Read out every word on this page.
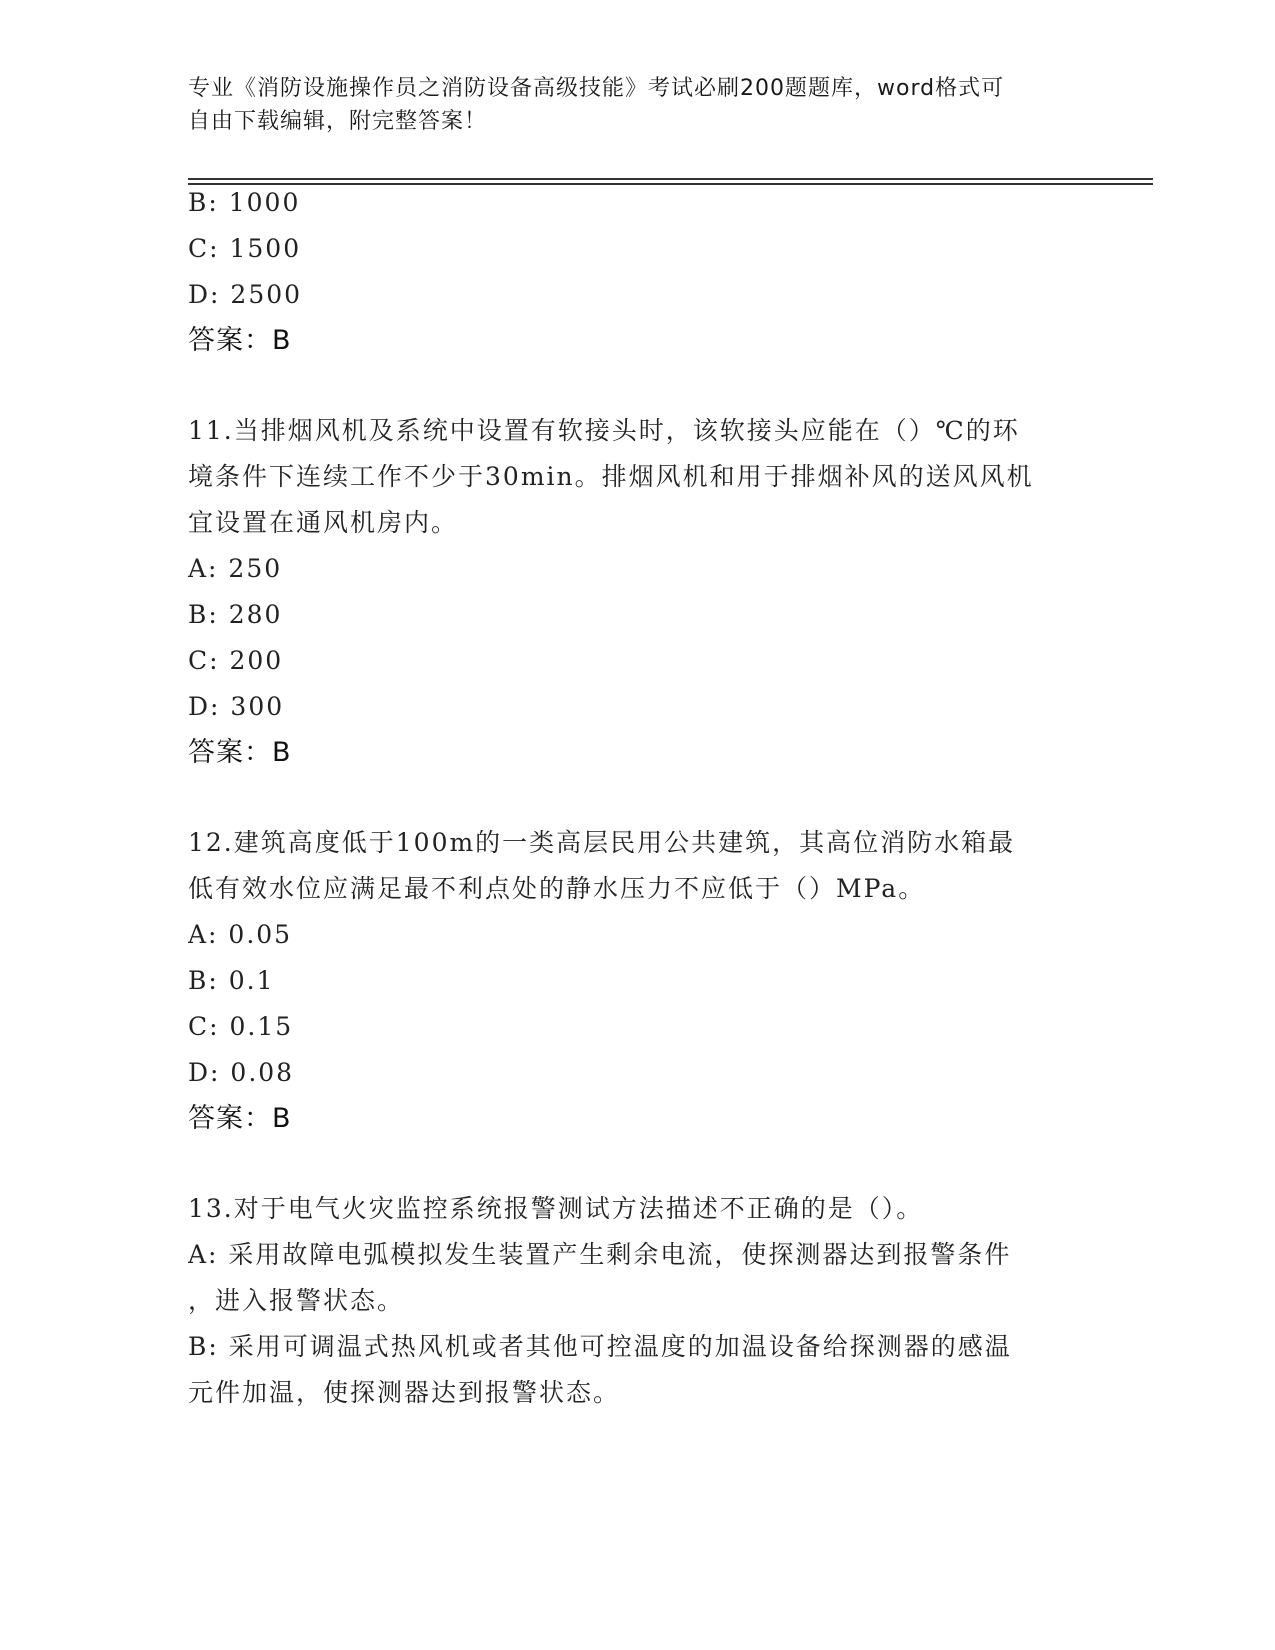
专业《消防设施操作员之消防设备高级技能》考试必刷200题题库，word格式可
自由下载编辑，附完整答案！
B: 1000
C: 1500
D: 2500
答案：B
11.当排烟风机及系统中设置有软接头时，该软接头应能在（）℃的环
境条件下连续工作不少于30min。排烟风机和用于排烟补风的送风风机
宜设置在通风机房内。
A: 250
B: 280
C: 200
D: 300
答案：B
12.建筑高度低于100m的一类高层民用公共建筑，其高位消防水箱最
低有效水位应满足最不利点处的静水压力不应低于（）MPa。
A: 0.05
B: 0.1
C: 0.15
D: 0.08
答案：B
13.对于电气火灾监控系统报警测试方法描述不正确的是（）。
A: 采用故障电弧模拟发生装置产生剩余电流，使探测器达到报警条件
，进入报警状态。
B: 采用可调温式热风机或者其他可控温度的加温设备给探测器的感温
元件加温，使探测器达到报警状态。
